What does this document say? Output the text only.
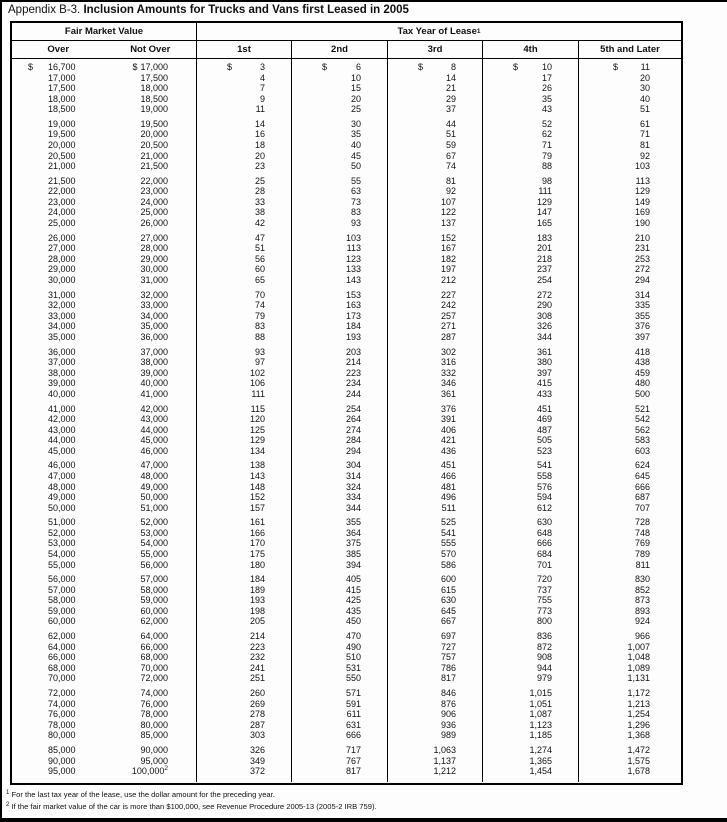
Appendix B-3. Inclusion Amounts for Trucks and Vans first Leased in 2005
Fair Market Value	Tax Year of Lease 1
Over	Not Over	1st	2nd	3rd	4th	5th and Later
$ 16,700	$ 17,000	$	3	$	6	$	8	$	10	$	11
17,000	17,500	4	10	14	17	20
17,500	18,000	7	15	21	26	30
18,000	18,500	9	20	29	35	40
18,500	19,000	11	25	37	43	51
19,000	19,500	14	30	44	52	61
19,500	20,000	16	35	51	62	71
20,000	20,500	18	40	59	71	81
20,500	21,000	20	45	67	79	92
21,000	21,500	23	50	74	88	103
21,500	22,000	25	55	81	98	113
22,000	23,000	28	63	92	111	129
23,000	24,000	33	73	107	129	149
24,000	25,000	38	83	122	147	169
25,000	26,000	42	93	137	165	190
26,000	27,000	47	103	152	183	210
27,000	28,000	51	113	167	201	231
28,000	29,000	56	123	182	218	253
29,000	30,000	60	133	197	237	272
30,000	31,000	65	143	212	254	294
31,000	32,000	70	153	227	272	314
32,000	33,000	74	163	242	290	335
33,000	34,000	79	173	257	308	355
34,000	35,000	83	184	271	326	376
35,000	36,000	88	193	287	344	397
36,000	37,000	93	203	302	361	418
37,000	38,000	97	214	316	380	438
38,000	39,000	102	223	332	397	459
39,000	40,000	106	234	346	415	480
40,000	41,000	111	244	361	433	500
41,000	42,000	115	254	376	451	521
42,000	43,000	120	264	391	469	542
43,000	44,000	125	274	406	487	562
44,000	45,000	129	284	421	505	583
45,000	46,000	134	294	436	523	603
46,000	47,000	138	304	451	541	624
47,000	48,000	143	314	466	558	645
48,000	49,000	148	324	481	576	666
49,000	50,000	152	334	496	594	687
50,000	51,000	157	344	511	612	707
51,000	52,000	161	355	525	630	728
52,000	53,000	166	364	541	648	748
53,000	54,000	170	375	555	666	769
54,000	55,000	175	385	570	684	789
55,000	56,000	180	394	586	701	811
56,000	57,000	184	405	600	720	830
57,000	58,000	189	415	615	737	852
58,000	59,000	193	425	630	755	873
59,000	60,000	198	435	645	773	893
60,000	62,000	205	450	667	800	924
62,000	64,000	214	470	697	836	966
64,000	66,000	223	490	727	872	1,007
66,000	68,000	232	510	757	908	1,048
68,000	70,000	241	531	786	944	1,089
70,000	72,000	251	550	817	979	1,131
72,000	74,000	260	571	846	1,015	1,172
74,000	76,000	269	591	876	1,051	1,213
76,000	78,000	278	611	906	1,087	1,254
78,000	80,000	287	631	936	1,123	1,296
80,000	85,000	303	666	989	1,185	1,368
85,000	90,000	326	717	1,063	1,274	1,472
90,000	95,000	349	767	1,137	1,365	1,575
95,000	100,000$^2$	372	817	1,212	1,454	1,678
$^1$ For the last tax year of the lease, use the dollar amount for the preceding year.
$^2$ If the fair market value of the car is more than $100,000, see Revenue Procedure 2005-13 (2005-2 IRB 759).
